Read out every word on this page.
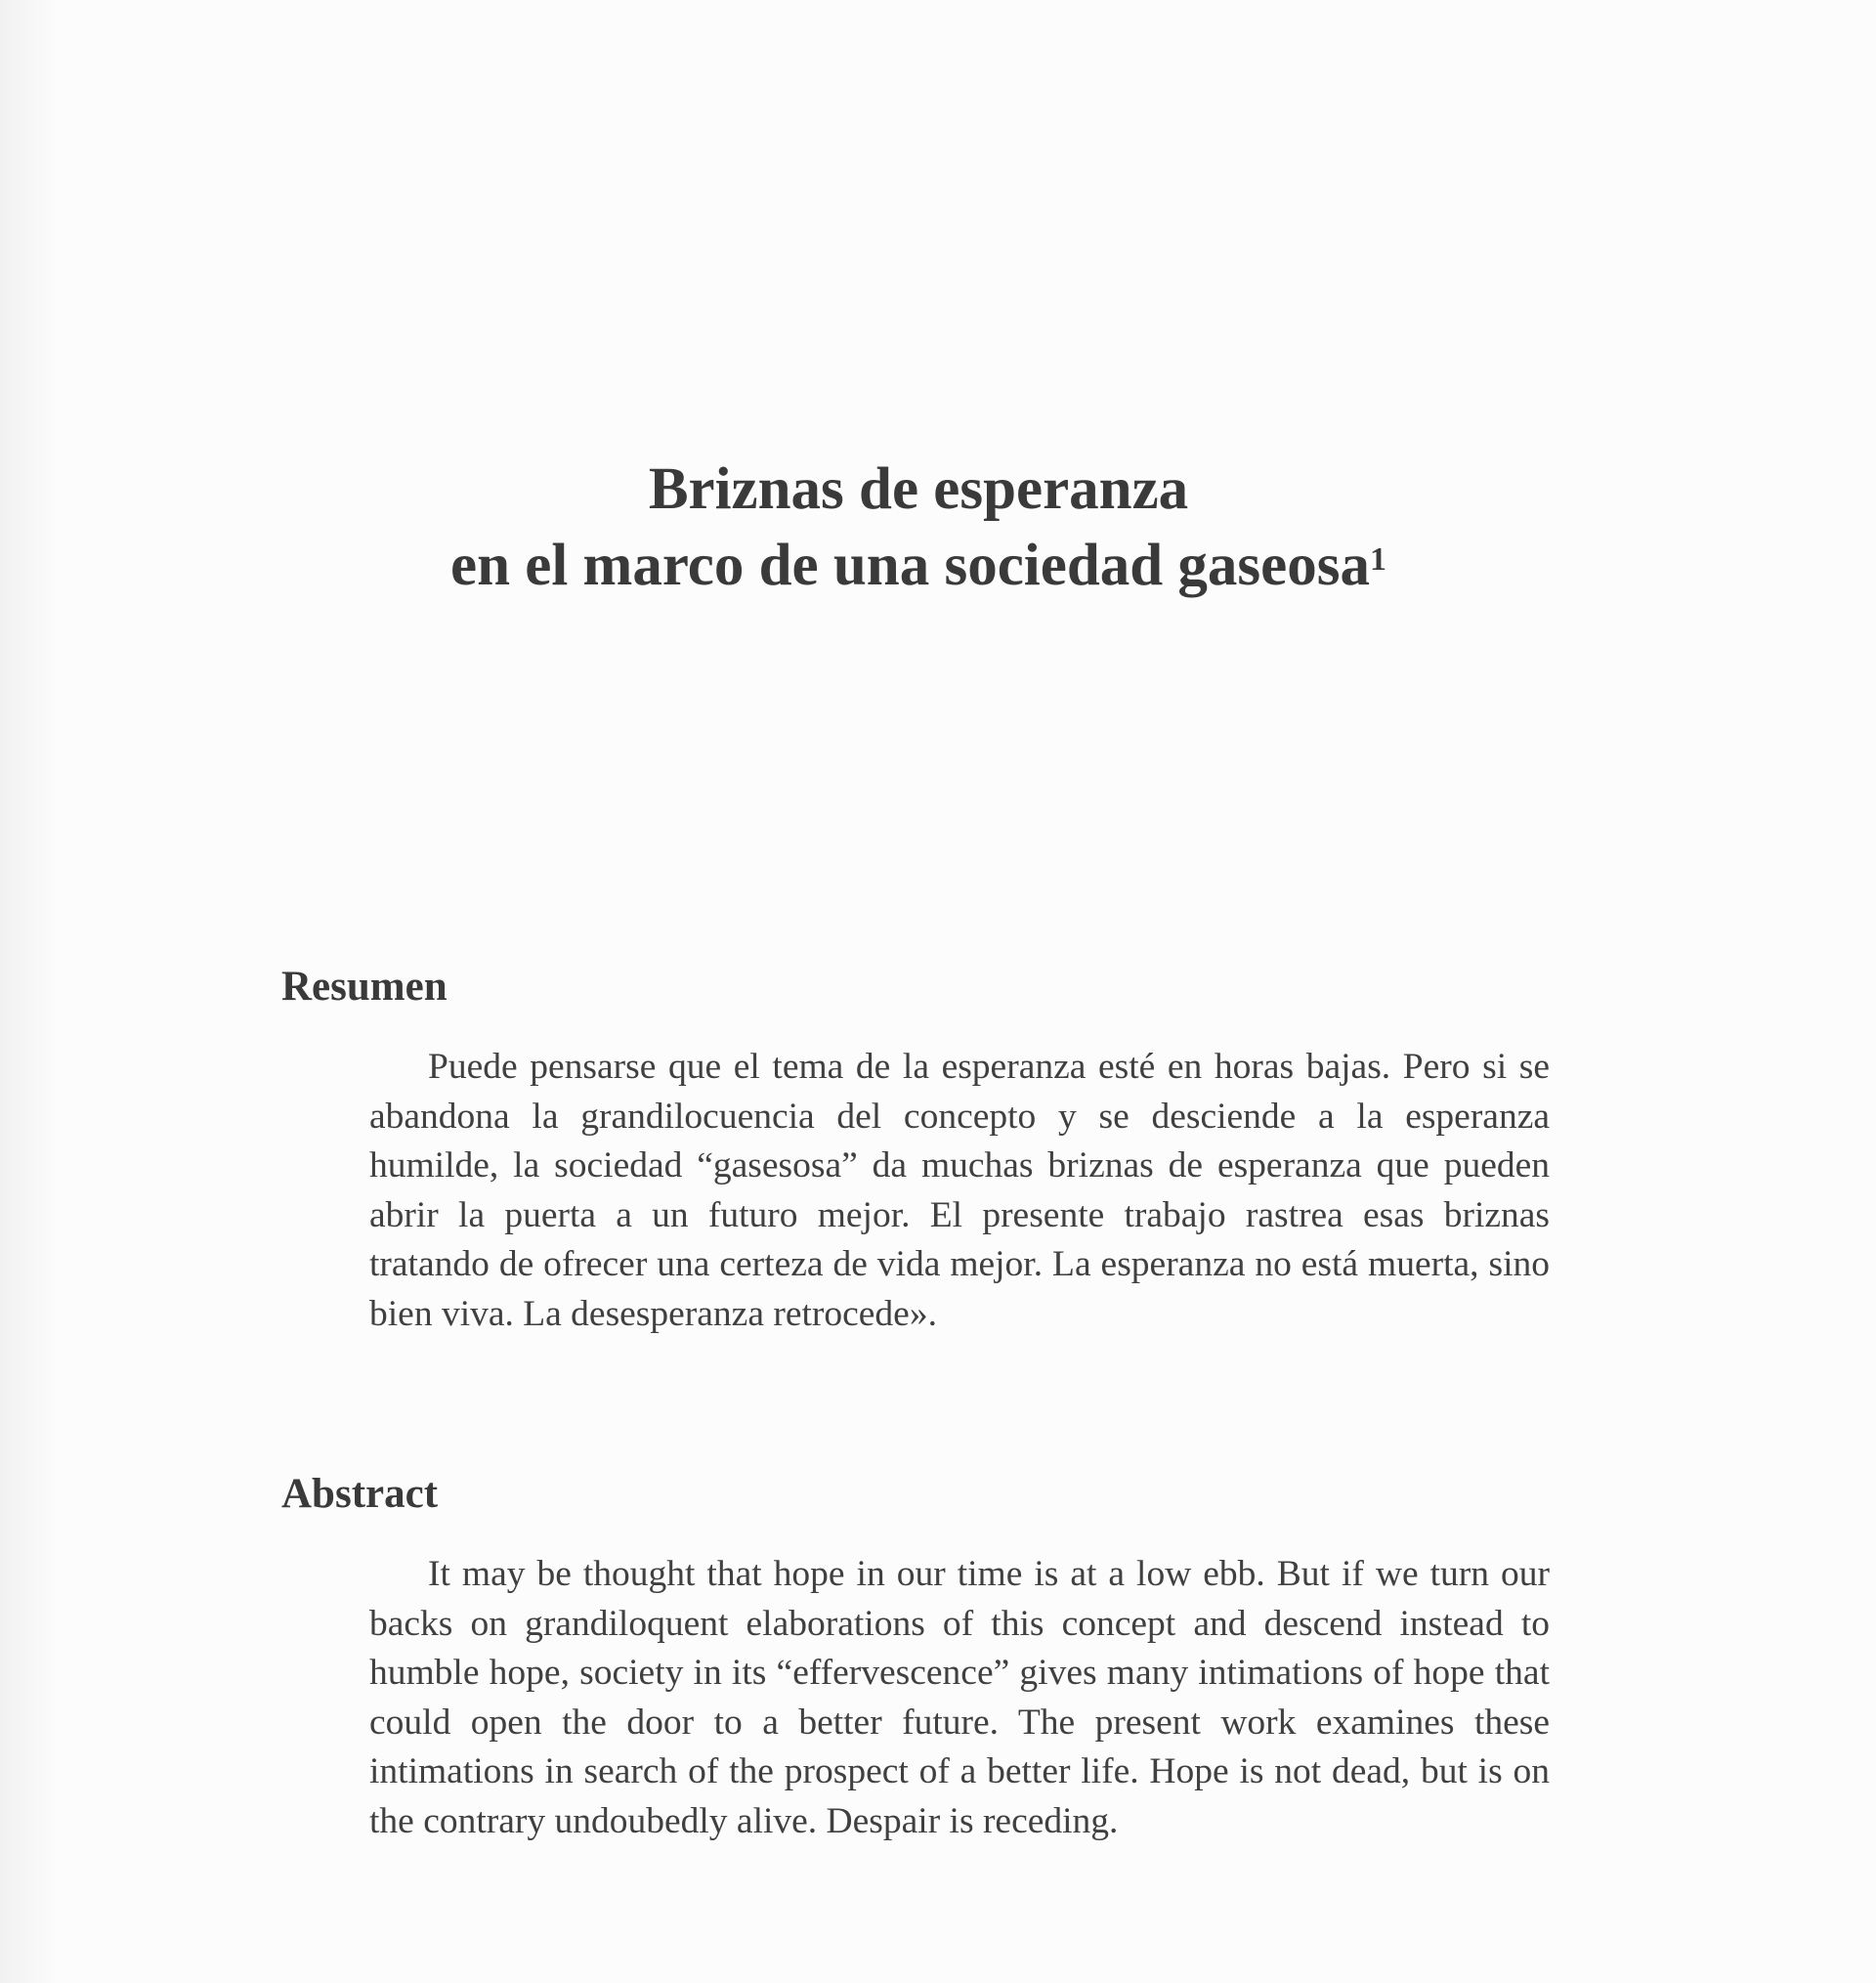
Briznas de esperanza
en el marco de una sociedad gaseosa$^1$
Resumen

Puede pensarse que el tema de la esperanza esté en horas bajas. Pero si se abandona la grandilocuencia del concepto y se desciende a la esperanza humilde, la sociedad “gasesosa” da muchas briznas de esperanza que pueden abrir la puerta a un futuro mejor. El presente trabajo rastrea esas briznas tratando de ofrecer una certeza de vida mejor. La esperanza no está muerta, sino bien viva. La desesperanza retrocede».

Abstract

It may be thought that hope in our time is at a low ebb. But if we turn our backs on grandiloquent elaborations of this concept and descend instead to humble hope, society in its “effervescence” gives many intimations of hope that could open the door to a better future. The present work examines these intimations in search of the prospect of a better life. Hope is not dead, but is on the contrary undoubedly alive. Despair is receding.
